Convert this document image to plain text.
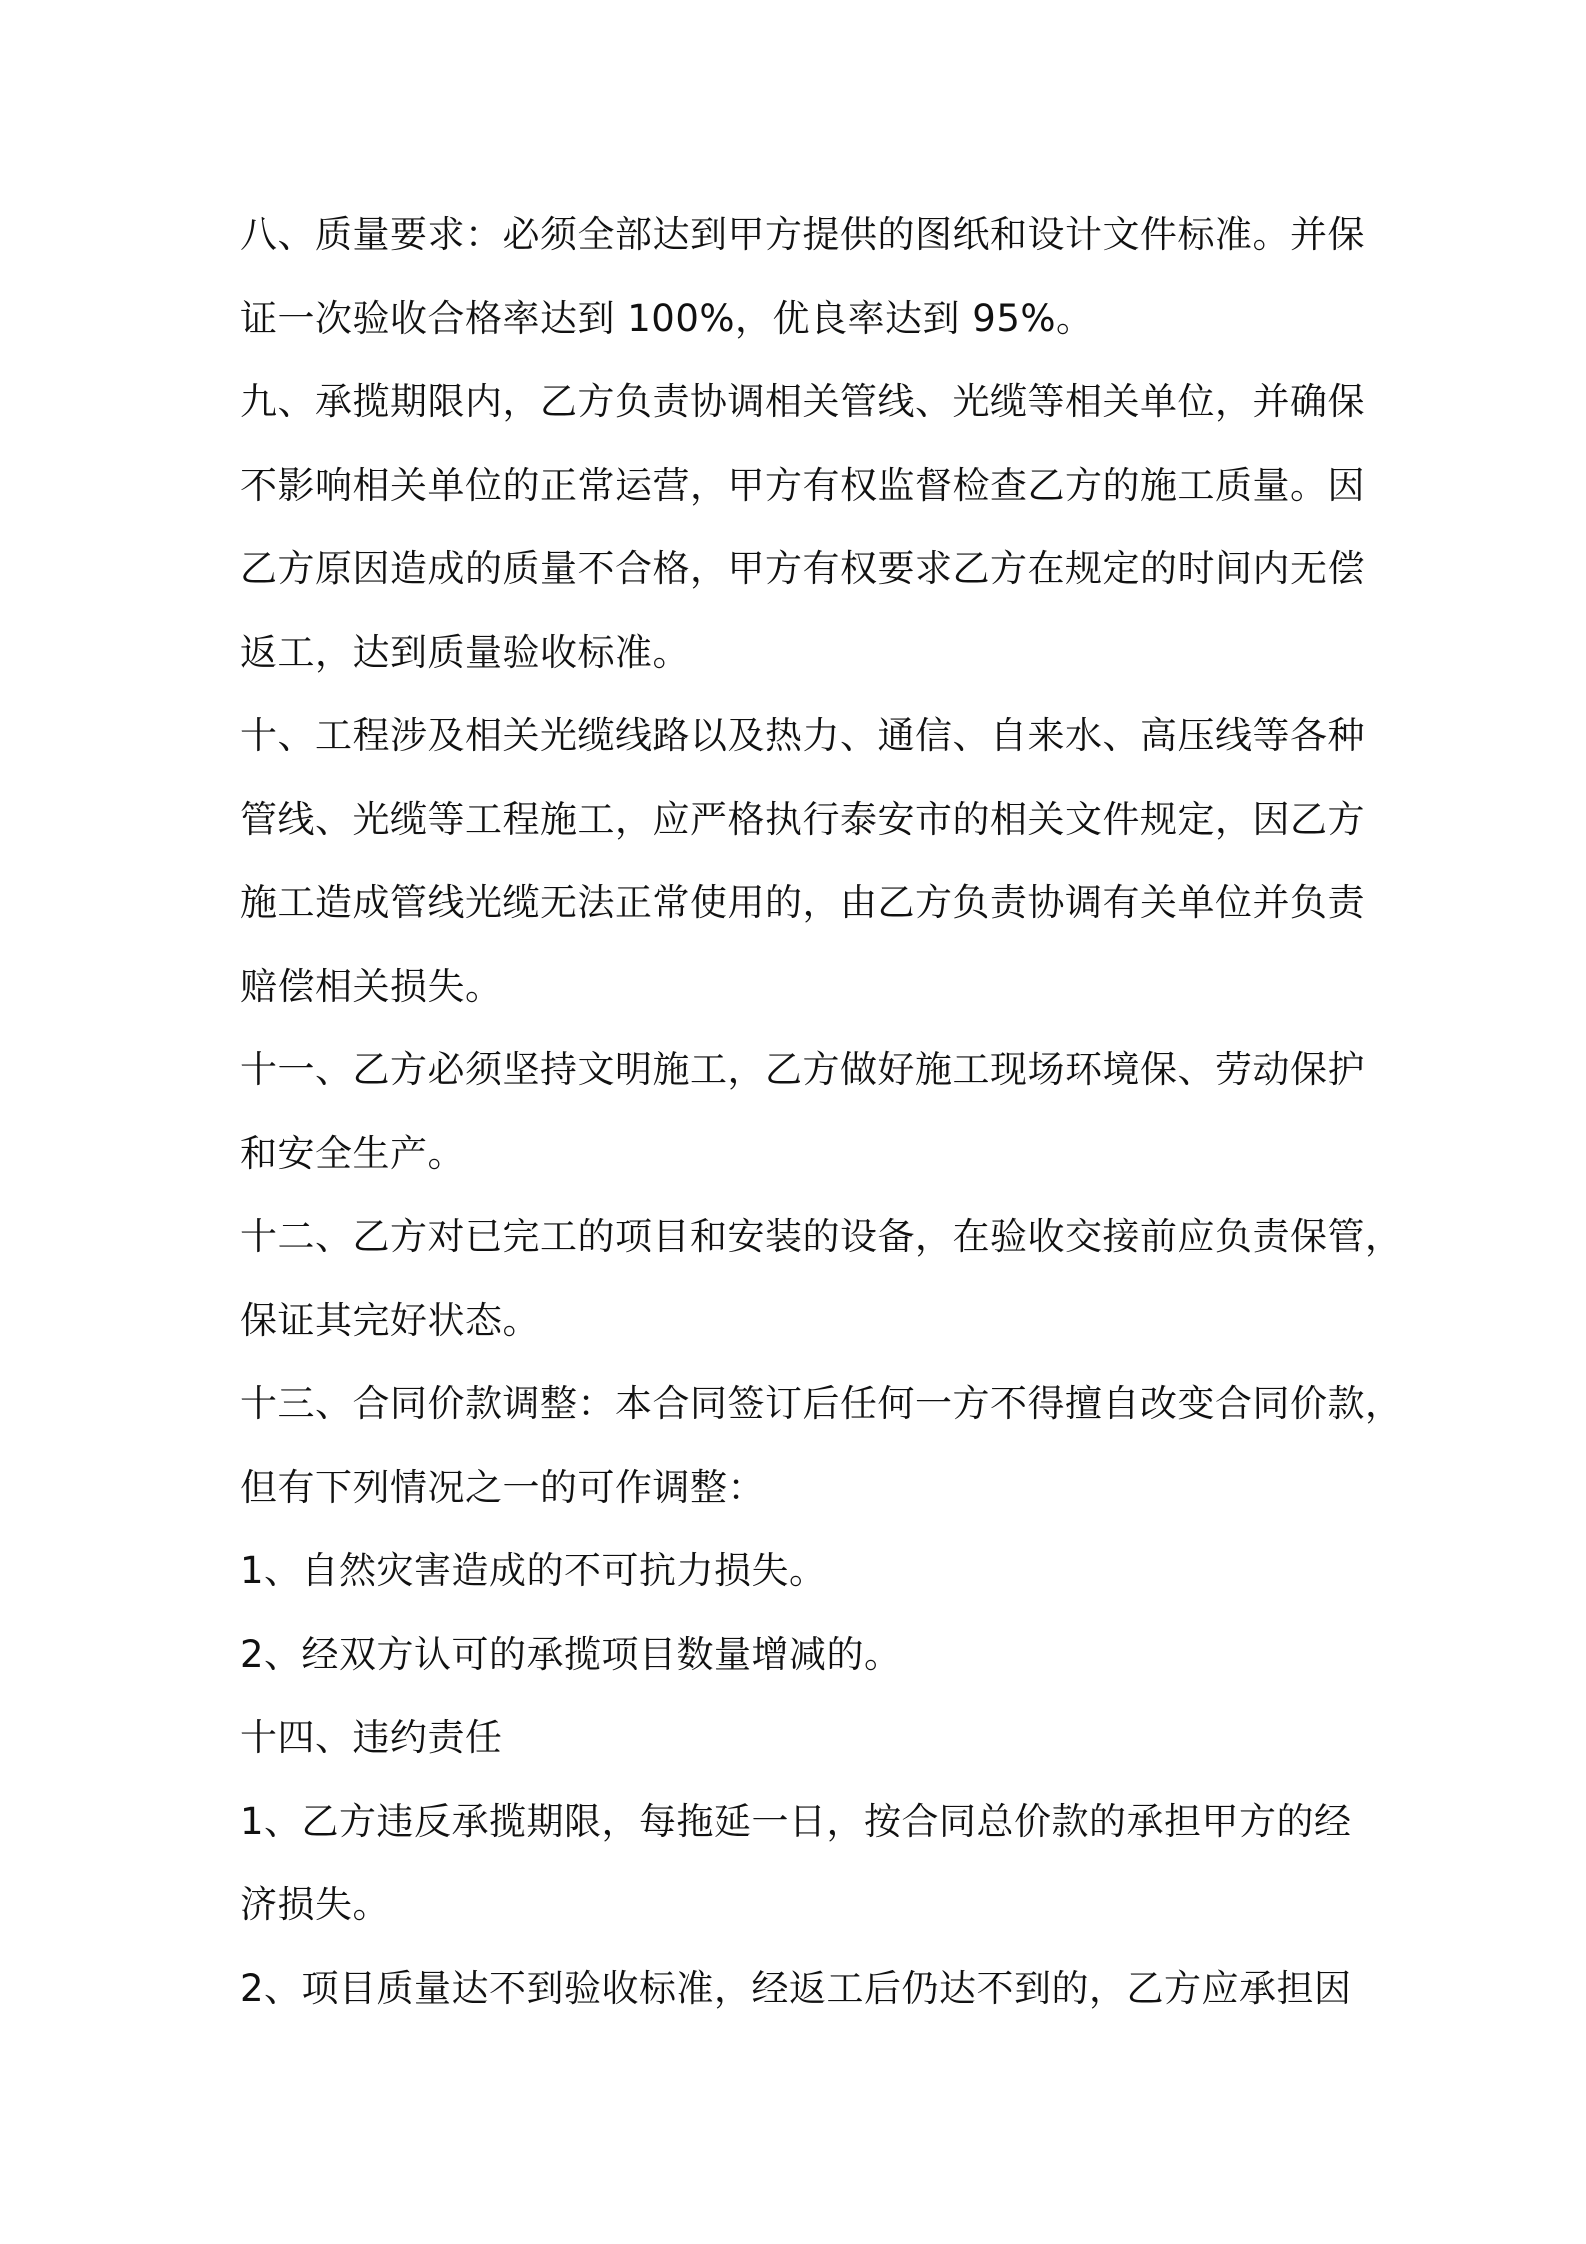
八、质量要求：必须全部达到甲方提供的图纸和设计文件标准。并保
证一次验收合格率达到 100%，优良率达到 95%。

九、承揽期限内，乙方负责协调相关管线、光缆等相关单位，并确保
不影响相关单位的正常运营，甲方有权监督检查乙方的施工质量。因
乙方原因造成的质量不合格，甲方有权要求乙方在规定的时间内无偿
返工，达到质量验收标准。

十、工程涉及相关光缆线路以及热力、通信、自来水、高压线等各种
管线、光缆等工程施工，应严格执行泰安市的相关文件规定，因乙方
施工造成管线光缆无法正常使用的，由乙方负责协调有关单位并负责
赔偿相关损失。

十一、乙方必须坚持文明施工，乙方做好施工现场环境保、劳动保护
和安全生产。

十二、乙方对已完工的项目和安装的设备，在验收交接前应负责保管，
保证其完好状态。

十三、合同价款调整：本合同签订后任何一方不得擅自改变合同价款，
但有下列情况之一的可作调整：

1、自然灾害造成的不可抗力损失。

2、经双方认可的承揽项目数量增减的。

十四、违约责任

1、乙方违反承揽期限，每拖延一日，按合同总价款的承担甲方的经
济损失。

2、项目质量达不到验收标准，经返工后仍达不到的，乙方应承担因
